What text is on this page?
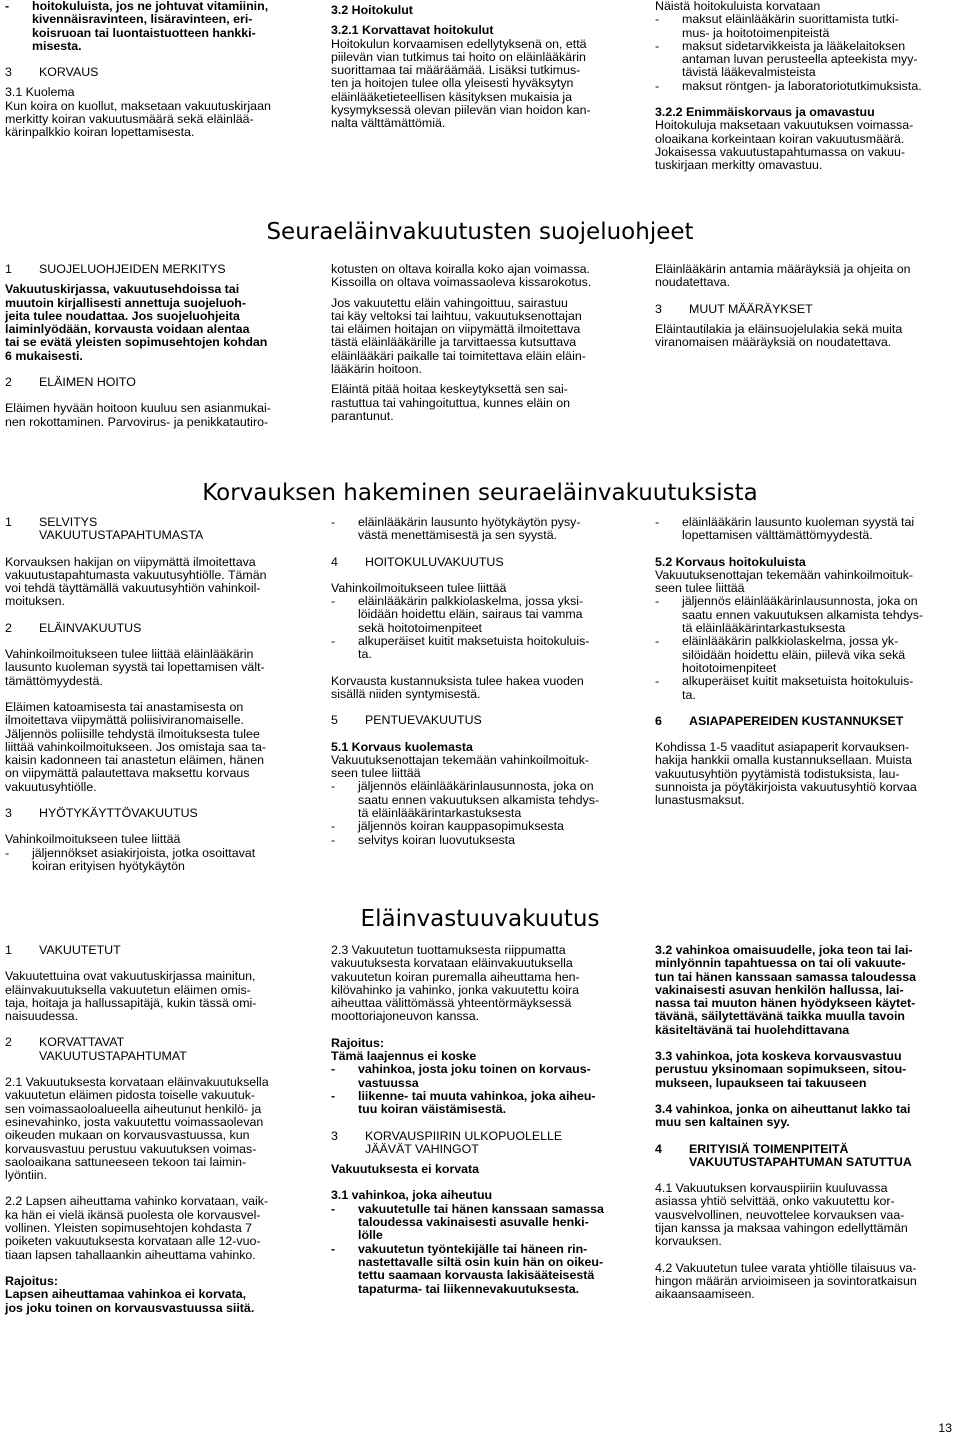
- hoitokuluista, jos ne johtuvat vitamiinin,
kivennäisravinteen, lisäravinteen, eri-
koisruoan tai luontaistuotteen hankki-
misesta.

3 KORVAUS

3.1 Kuolema

Kun koira on kuollut, maksetaan vakuutuskirjaan
merkitty koiran vakuutusmäärä sekä eläinlää-
kärinpalkkio koiran lopettamisesta.

3.2 Hoitokulut

3.2.1 Korvattavat hoitokulut

Hoitokulun korvaamisen edellytyksenä on, että
piilevän vian tutkimus tai hoito on eläinlääkärin
suorittamaa tai määräämää. Lisäksi tutkimus-
ten ja hoitojen tulee olla yleisesti hyväksytyn
eläinlääketieteellisen käsityksen mukaisia ja
kysymyksessä olevan piilevän vian hoidon kan-
nalta välttämättömiä.

Näistä hoitokuluista korvataan

- maksut eläinlääkärin suorittamista tutki-
mus- ja hoitotoimenpiteistä
- maksut sidetarvikkeista ja lääkelaitoksen
antaman luvan perusteella apteekista myy-
tävistä lääkevalmisteista
- maksut röntgen- ja laboratoriotutkimuksista.

3.2.2 Enimmäiskorvaus ja omavastuu

Hoitokuluja maksetaan vakuutuksen voimassa-
oloaikana korkeintaan koiran vakuutusmäärä.
Jokaisessa vakuutustapahtumassa on vakuu-
tuskirjaan merkitty omavastuu.

Seuraeläinvakuutusten suojeluohjeet

1 SUOJELUOHJEIDEN MERKITYS

Vakuutuskirjassa, vakuutusehdoissa tai
muutoin kirjallisesti annettuja suojeluoh-
jeita tulee noudattaa. Jos suojeluohjeita
laiminlyödään, korvausta voidaan alentaa
tai se evätä yleisten sopimusehtojen kohdan
6 mukaisesti.

2 ELÄIMEN HOITO

Eläimen hyvään hoitoon kuuluu sen asianmukai-
nen rokottaminen. Parvovirus- ja penikkatautiro-

kotusten on oltava koiralla koko ajan voimassa.
Kissoilla on oltava voimassaoleva kissarokotus.

Jos vakuutettu eläin vahingoittuu, sairastuu
tai käy veltoksi tai laihtuu, vakuutuksenottajan
tai eläimen hoitajan on viipymättä ilmoitettava
tästä eläinlääkärille ja tarvittaessa kutsuttava
eläinlääkäri paikalle tai toimitettava eläin eläin-
lääkärin hoitoon.

Eläintä pitää hoitaa keskeytyksettä sen sai-
rastuttua tai vahingoituttua, kunnes eläin on
parantunut.

Eläinlääkärin antamia määräyksiä ja ohjeita on
noudatettava.

3 MUUT MÄÄRÄYKSET

Eläintautilakia ja eläinsuojelulakia sekä muita
viranomaisen määräyksiä on noudatettava.

Korvauksen hakeminen seuraeläinvakuutuksista

1	SELVITYS
VAKUUTUSTAPAHTUMASTA

Korvauksen hakijan on viipymättä ilmoitettava
vakuutustapahtumasta vakuutusyhtiölle. Tämän
voi tehdä täyttämällä vakuutusyhtiön vahinkoil-
moituksen.

2 ELÄINVAKUUTUS

Vahinkoilmoitukseen tulee liittää eläinlääkärin
lausunto kuoleman syystä tai lopettamisen vält-
tämättömyydestä.

Eläimen katoamisesta tai anastamisesta on
ilmoitettava viipymättä poliisiviranomaiselle.
Jäljennös poliisille tehdystä ilmoituksesta tulee
liittää vahinkoilmoitukseen. Jos omistaja saa ta-
kaisin kadonneen tai anastetun eläimen, hänen
on viipymättä palautettava maksettu korvaus
vakuutusyhtiölle.

3 HYÖTYKÄYTTÖVAKUUTUS

Vahinkoilmoitukseen tulee liittää

- jäljennökset asiakirjoista, jotka osoittavat
koiran erityisen hyötykäytön
- eläinlääkärin lausunto hyötykäytön pysy-
västä menettämisestä ja sen syystä.

4 HOITOKULUVAKUUTUS

Vahinkoilmoitukseen tulee liittää

- eläinlääkärin palkkiolaskelma, jossa yksi-
löidään hoidettu eläin, sairaus tai vamma
sekä hoitotoimenpiteet
- alkuperäiset kuitit maksetuista hoitokuluis-
ta.

Korvausta kustannuksista tulee hakea vuoden
sisällä niiden syntymisestä.

5 PENTUEVAKUUTUS

5.1 Korvaus kuolemasta

Vakuutuksenottajan tekemään vahinkoilmoituk-
seen tulee liittää

- jäljennös eläinlääkärinlausunnosta, joka on
saatu ennen vakuutuksen alkamista tehdys-
tä eläinlääkärintarkastuksesta
- jäljennös koiran kauppasopimuksesta
- selvitys koiran luovutuksesta
- eläinlääkärin lausunto kuoleman syystä tai
lopettamisen välttämättömyydestä.

5.2 Korvaus hoitokuluista

Vakuutuksenottajan tekemään vahinkoilmoituk-
seen tulee liittää

- jäljennös eläinlääkärinlausunnosta, joka on
saatu ennen vakuutuksen alkamista tehdys-
tä eläinlääkärintarkastuksesta
- eläinlääkärin palkkiolaskelma, jossa yk-
silöidään hoidettu eläin, piilevä vika sekä
hoitotoimenpiteet
- alkuperäiset kuitit maksetuista hoitokuluis-
ta.

6 ASIAPAPEREIDEN KUSTANNUKSET

Kohdissa 1-5 vaaditut asiapaperit korvauksen-
hakija hankkii omalla kustannuksellaan. Muista
vakuutusyhtiön pyytämistä todistuksista, lau-
sunnoista ja pöytäkirjoista vakuutusyhtiö korvaa
lunastusmaksut.

Eläinvastuuvakuutus

1 VAKUUTETUT

Vakuutettuina ovat vakuutuskirjassa mainitun,
eläinvakuutuksella vakuutetun eläimen omis-
taja, hoitaja ja hallussapitäjä, kukin tässä omi-
naisuudessa.

2	KORVATTAVAT
VAKUUTUSTAPAHTUMAT

2.1 Vakuutuksesta korvataan eläinvakuutuksella
vakuutetun eläimen pidosta toiselle vakuutuk-
sen voimassaoloalueella aiheutunut henkilö- ja
esinevahinko, josta vakuutettu voimassaolevan
oikeuden mukaan on korvausvastuussa, kun
korvausvastuu perustuu vakuutuksen voimas-
saoloaikana sattuneeseen tekoon tai laimin-
lyöntiin.

2.2 Lapsen aiheuttama vahinko korvataan, vaik-
ka hän ei vielä ikänsä puolesta ole korvausvel-
vollinen. Yleisten sopimusehtojen kohdasta 7
poiketen vakuutuksesta korvataan alle 12-vuo-
tiaan lapsen tahallaankin aiheuttama vahinko.

Rajoitus:

Lapsen aiheuttamaa vahinkoa ei korvata,
jos joku toinen on korvausvastuussa siitä.

2.3 Vakuutetun tuottamuksesta riippumatta
vakuutuksesta korvataan eläinvakuutuksella
vakuutetun koiran puremalla aiheuttama hen-
kilövahinko ja vahinko, jonka vakuutettu koira
aiheuttaa välittömässä yhteentörmäyksessä
moottoriajoneuvon kanssa.

Rajoitus:

Tämä laajennus ei koske

- vahinkoa, josta joku toinen on korvaus-
vastuussa
- liikenne- tai muuta vahinkoa, joka aiheu-
tuu koiran väistämisestä.

3	KORVAUSPIIRIN ULKOPUOLELLE
JÄÄVÄT VAHINGOT

Vakuutuksesta ei korvata

3.1 vahinkoa, joka aiheutuu

- vakuutetulle tai hänen kanssaan samassa
taloudessa vakinaisesti asuvalle henki-
lölle
- vakuutetun työntekijälle tai häneen rin-
nastettavalle siltä osin kuin hän on oikeu-
tettu saamaan korvausta lakisääteisestä
tapaturma- tai liikennevakuutuksesta.

3.2 vahinkoa omaisuudelle, joka teon tai lai-
minlyönnin tapahtuessa on tai oli vakuute-
tun tai hänen kanssaan samassa taloudessa
vakinaisesti asuvan henkilön hallussa, lai-
nassa tai muuton hänen hyödykseen käytet-
tävänä, säilytettävänä taikka muulla tavoin
käsiteltävänä tai huolehdittavana

3.3 vahinkoa, jota koskeva korvausvastuu
perustuu yksinomaan sopimukseen, sitou-
mukseen, lupaukseen tai takuuseen

3.4 vahinkoa, jonka on aiheuttanut lakko tai
muu sen kaltainen syy.

4	ERITYISIÄ TOIMENPITEITÄ
VAKUUTUSTAPAHTUMAN SATUTTUA

4.1 Vakuutuksen korvauspiiriin kuuluvassa
asiassa yhtiö selvittää, onko vakuutettu kor-
vausvelvollinen, neuvottelee korvauksen vaa-
tijan kanssa ja maksaa vahingon edellyttämän
korvauksen.

4.2 Vakuutetun tulee varata yhtiölle tilaisuus va-
hingon määrän arvioimiseen ja sovintoratkaisun
aikaansaamiseen.

13
